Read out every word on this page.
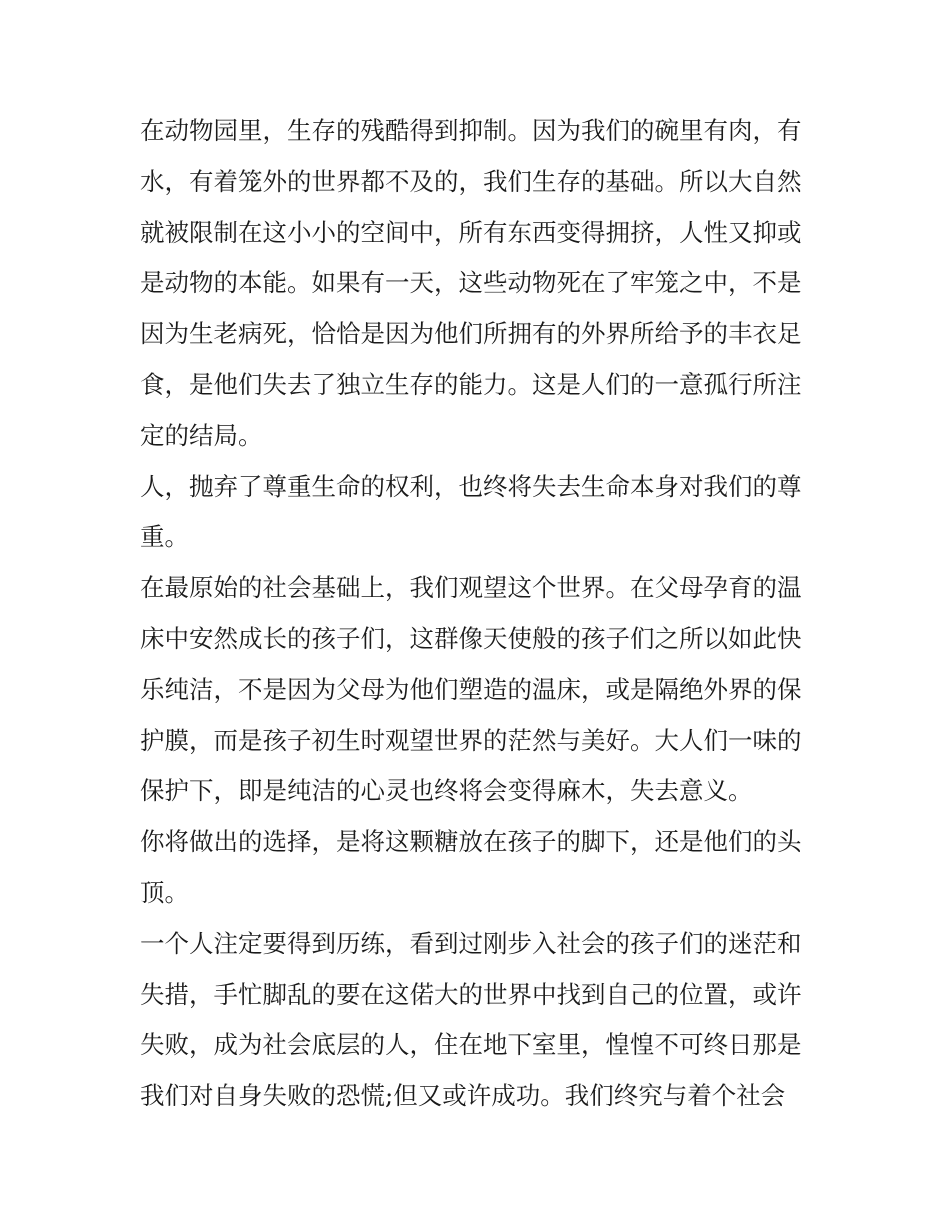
在动物园里，生存的残酷得到抑制。因为我们的碗里有肉，有
水，有着笼外的世界都不及的，我们生存的基础。所以大自然
就被限制在这小小的空间中，所有东西变得拥挤，人性又抑或
是动物的本能。如果有一天，这些动物死在了牢笼之中，不是
因为生老病死，恰恰是因为他们所拥有的外界所给予的丰衣足
食，是他们失去了独立生存的能力。这是人们的一意孤行所注
定的结局。
人，抛弃了尊重生命的权利，也终将失去生命本身对我们的尊
重。
在最原始的社会基础上，我们观望这个世界。在父母孕育的温
床中安然成长的孩子们，这群像天使般的孩子们之所以如此快
乐纯洁，不是因为父母为他们塑造的温床，或是隔绝外界的保
护膜，而是孩子初生时观望世界的茫然与美好。大人们一味的
保护下，即是纯洁的心灵也终将会变得麻木，失去意义。
你将做出的选择，是将这颗糖放在孩子的脚下，还是他们的头
顶。
一个人注定要得到历练，看到过刚步入社会的孩子们的迷茫和
失措，手忙脚乱的要在这偌大的世界中找到自己的位置，或许
失败，成为社会底层的人，住在地下室里，惶惶不可终日那是
我们对自身失败的恐慌;但又或许成功。我们终究与着个社会
